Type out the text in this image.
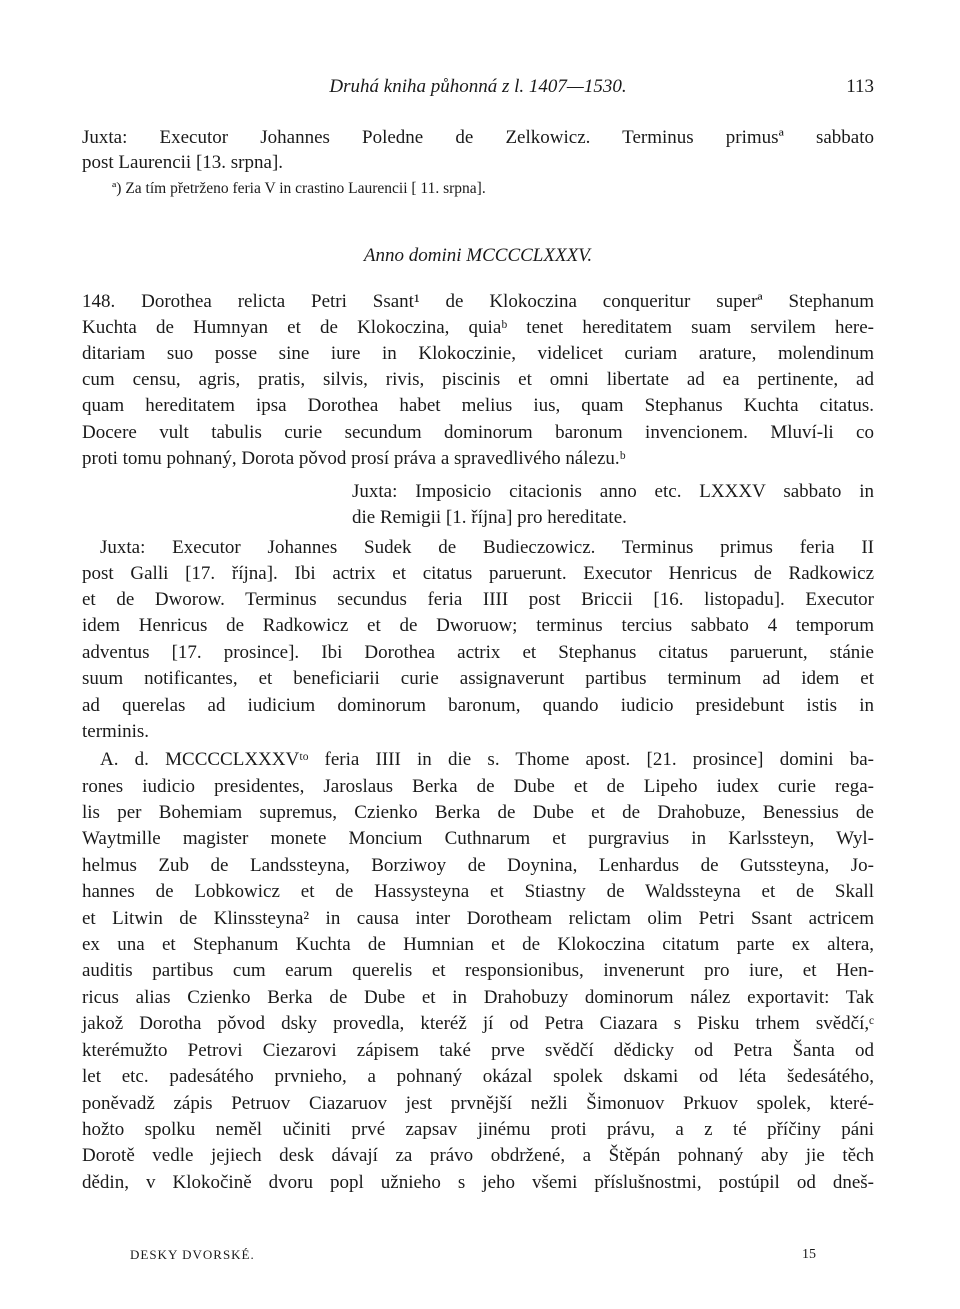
Druhá kniha půhonná z l. 1407—1530.	113
Juxta: Executor Johannes Poledne de Zelkowicz. Terminus primusª sabbato
post Laurencii [13. srpna].
ª) Za tím přetrženo feria V in crastino Laurencii [ 11. srpna].
Anno domini MCCCCLXXXV.
148. Dorothea relicta Petri Ssant¹ de Klokoczina conqueritur superª Stephanum
Kuchta de Humnyan et de Klokoczina, quiaᵇ tenet hereditatem suam servilem here-
ditariam suo posse sine iure in Klokoczinie, videlicet curiam arature, molendinum
cum censu, agris, pratis, silvis, rivis, piscinis et omni libertate ad ea pertinente, ad
quam hereditatem ipsa Dorothea habet melius ius, quam Stephanus Kuchta citatus.
Docere vult tabulis curie secundum dominorum baronum invencionem. Mluví-li co
proti tomu pohnaný, Dorota pǒvod prosí práva a spravedlivého nálezu.ᵇ
Juxta: Imposicio citacionis anno etc. LXXXV sabbato in
die Remigii [1. října] pro hereditate.
Juxta: Executor Johannes Sudek de Budieczowicz. Terminus primus feria II
post Galli [17. října]. Ibi actrix et citatus paruerunt. Executor Henricus de Radkowicz
et de Dworow. Terminus secundus feria IIII post Briccii [16. listopadu]. Executor
idem Henricus de Radkowicz et de Dworuow; terminus tercius sabbato 4 temporum
adventus [17. prosince]. Ibi Dorothea actrix et Stephanus citatus paruerunt, stánie
suum notificantes, et beneficiarii curie assignaverunt partibus terminum ad idem et
ad querelas ad iudicium dominorum baronum, quando iudicio presidebunt istis in
terminis.
A. d. MCCCCLXXXVᵗᵒ feria IIII in die s. Thome apost. [21. prosince] domini ba-
rones iudicio presidentes, Jaroslaus Berka de Dube et de Lipeho iudex curie rega-
lis per Bohemiam supremus, Czienko Berka de Dube et de Drahobuze, Benessius de
Waytmille magister monete Moncium Cuthnarum et purgravius in Karlssteyn, Wyl-
helmus Zub de Landssteyna, Borziwoy de Doynina, Lenhardus de Gutssteyna, Jo-
hannes de Lobkowicz et de Hassysteyna et Stiastny de Waldssteyna et de Skall
et Litwin de Klinssteyna² in causa inter Dorotheam relictam olim Petri Ssant actricem
ex una et Stephanum Kuchta de Humnian et de Klokoczina citatum parte ex altera,
auditis partibus cum earum querelis et responsionibus, invenerunt pro iure, et Hen-
ricus alias Czienko Berka de Dube et in Drahobuzy dominorum nález exportavit: Tak
jakož Dorotha pǒvod dsky provedla, kteréž jí od Petra Ciazara s Pisku trhem svědčí,ᶜ
kterémužto Petrovi Ciezarovi zápisem také prve svědčí dědicky od Petra Šanta od
let etc. padesátého prvnieho, a pohnaný okázal spolek dskami od léta šedesátého,
poněvadž zápis Petruov Ciazaruov jest prvnější nežli Šimonuov Prkuov spolek, které-
hožto spolku neměl učiniti prvé zapsav jinému proti právu, a z té příčiny páni
Dorotě vedle jejiech desk dávají za právo obdržené, a Štěpán pohnaný aby jie těch
dědin, v Klokočině dvoru popl užnieho s jeho všemi příslušnostmi, postúpil od dneš-
DESKY DVORSKÉ.	15
